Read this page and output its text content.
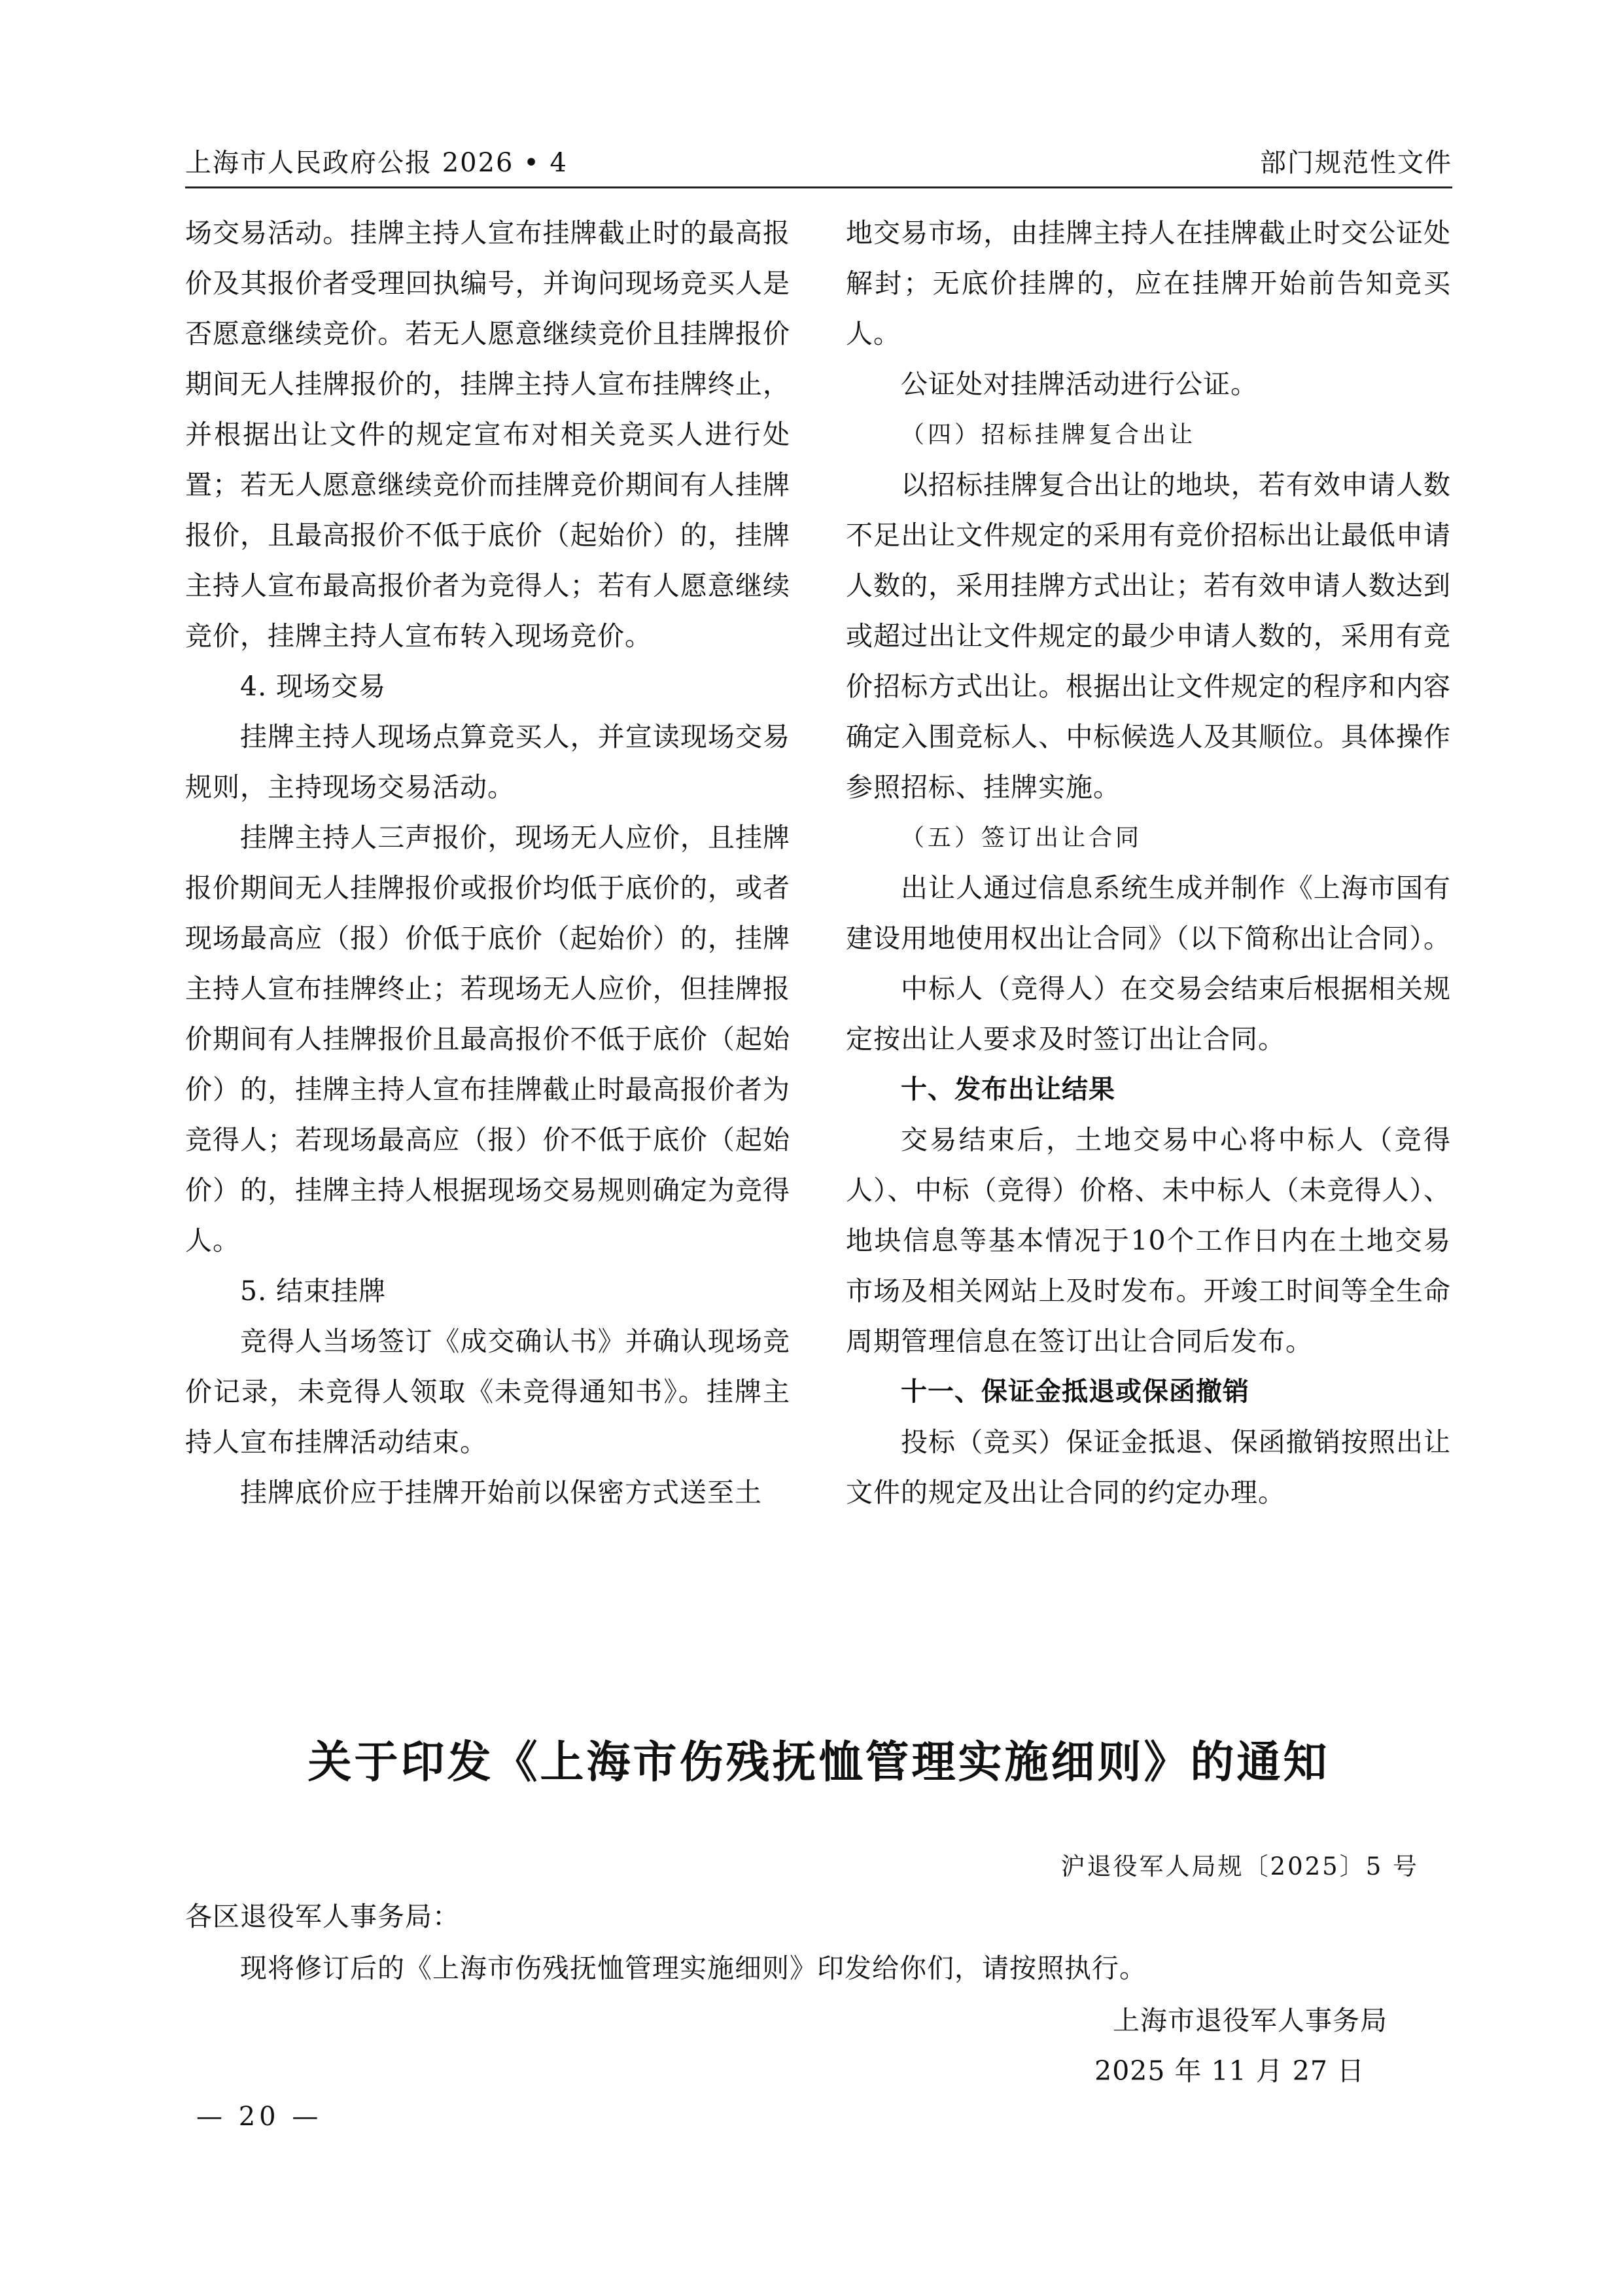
上海市人民政府公报 2026 • 4	部门规范性文件

场交易活动。挂牌主持人宣布挂牌截止时的最高报价及其报价者受理回执编号，并询问现场竞买人是否愿意继续竞价。若无人愿意继续竞价且挂牌报价期间无人挂牌报价的，挂牌主持人宣布挂牌终止，并根据出让文件的规定宣布对相关竞买人进行处置；若无人愿意继续竞价而挂牌竞价期间有人挂牌报价，且最高报价不低于底价（起始价）的，挂牌主持人宣布最高报价者为竞得人；若有人愿意继续竞价，挂牌主持人宣布转入现场竞价。

4. 现场交易

挂牌主持人现场点算竞买人，并宣读现场交易规则，主持现场交易活动。

挂牌主持人三声报价，现场无人应价，且挂牌报价期间无人挂牌报价或报价均低于底价的，或者现场最高应（报）价低于底价（起始价）的，挂牌主持人宣布挂牌终止；若现场无人应价，但挂牌报价期间有人挂牌报价且最高报价不低于底价（起始价）的，挂牌主持人宣布挂牌截止时最高报价者为竞得人；若现场最高应（报）价不低于底价（起始价）的，挂牌主持人根据现场交易规则确定为竞得人。

5. 结束挂牌

竞得人当场签订《成交确认书》并确认现场竞价记录，未竞得人领取《未竞得通知书》。挂牌主持人宣布挂牌活动结束。

挂牌底价应于挂牌开始前以保密方式送至土

地交易市场，由挂牌主持人在挂牌截止时交公证处解封；无底价挂牌的，应在挂牌开始前告知竞买人。

公证处对挂牌活动进行公证。

（四）招标挂牌复合出让

以招标挂牌复合出让的地块，若有效申请人数不足出让文件规定的采用有竞价招标出让最低申请人数的，采用挂牌方式出让；若有效申请人数达到或超过出让文件规定的最少申请人数的，采用有竞价招标方式出让。根据出让文件规定的程序和内容确定入围竞标人、中标候选人及其顺位。具体操作参照招标、挂牌实施。

（五）签订出让合同

出让人通过信息系统生成并制作《上海市国有建设用地使用权出让合同》（以下简称出让合同）。

中标人（竞得人）在交易会结束后根据相关规定按出让人要求及时签订出让合同。

十、发布出让结果

交易结束后，土地交易中心将中标人（竞得人）、中标（竞得）价格、未中标人（未竞得人）、地块信息等基本情况于10个工作日内在土地交易市场及相关网站上及时发布。开竣工时间等全生命周期管理信息在签订出让合同后发布。

十一、保证金抵退或保函撤销

投标（竞买）保证金抵退、保函撤销按照出让文件的规定及出让合同的约定办理。

关于印发《上海市伤残抚恤管理实施细则》的通知
沪退役军人局规〔2025〕5 号
各区退役军人事务局：
现将修订后的《上海市伤残抚恤管理实施细则》印发给你们，请按照执行。
上海市退役军人事务局
2025 年 11 月 27 日
— 20 —
